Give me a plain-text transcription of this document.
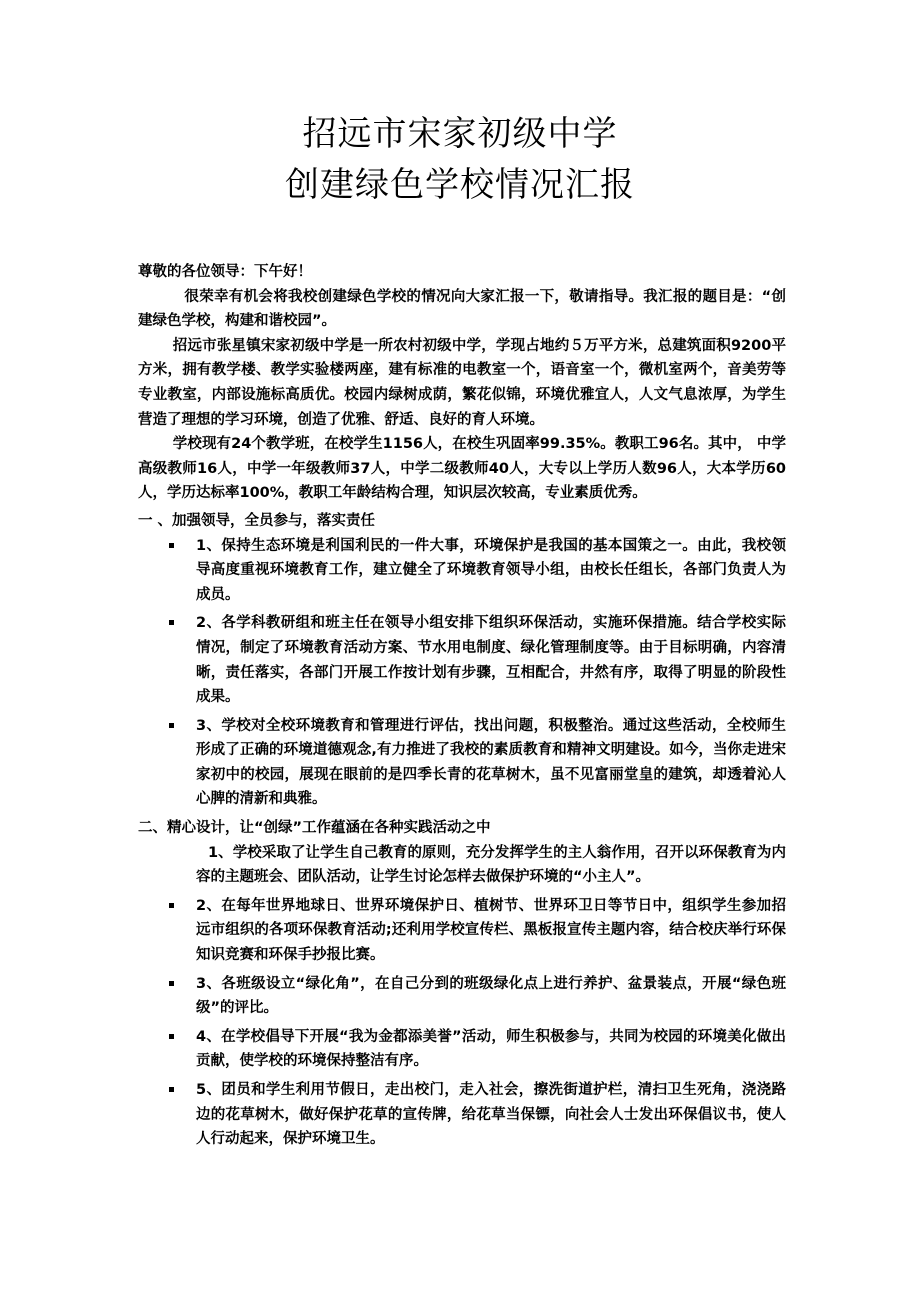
招远市宋家初级中学
创建绿色学校情况汇报

尊敬的各位领导：下午好！

很荣幸有机会将我校创建绿色学校的情况向大家汇报一下，敬请指导。我汇报的题目是：“创建绿色学校，构建和谐校园”。

招远市张星镇宋家初级中学是一所农村初级中学，学现占地约５万平方米，总建筑面积9200平方米，拥有教学楼、教学实验楼两座，建有标准的电教室一个，语音室一个，微机室两个，音美劳等专业教室，内部设施标高质优。校园内绿树成荫，繁花似锦，环境优雅宜人，人文气息浓厚，为学生营造了理想的学习环境，创造了优雅、舒适、良好的育人环境。

学校现有24个教学班，在校学生1156人，在校生巩固率99.35%。教职工96名。其中， 中学高级教师16人，中学一年级教师37人，中学二级教师40人，大专以上学历人数96人，大本学历60人，学历达标率100%，教职工年龄结构合理，知识层次较高，专业素质优秀。

一 、加强领导，全员参与，落实责任

1、保持生态环境是利国利民的一件大事，环境保护是我国的基本国策之一。由此，我校领导高度重视环境教育工作，建立健全了环境教育领导小组，由校长任组长，各部门负责人为成员。
2、各学科教研组和班主任在领导小组安排下组织环保活动，实施环保措施。结合学校实际情况，制定了环境教育活动方案、节水用电制度、绿化管理制度等。由于目标明确，内容清晰，责任落实，各部门开展工作按计划有步骤，互相配合，井然有序，取得了明显的阶段性成果。
3、学校对全校环境教育和管理进行评估，找出问题，积极整治。通过这些活动，全校师生形成了正确的环境道德观念,有力推进了我校的素质教育和精神文明建设。如今，当你走进宋家初中的校园，展现在眼前的是四季长青的花草树木，虽不见富丽堂皇的建筑，却透着沁人心脾的清新和典雅。

二、精心设计，让“创绿”工作蕴涵在各种实践活动之中

1、学校采取了让学生自己教育的原则，充分发挥学生的主人翁作用，召开以环保教育为内容的主题班会、团队活动，让学生讨论怎样去做保护环境的“小主人”。

2、在每年世界地球日、世界环境保护日、植树节、世界环卫日等节日中，组织学生参加招远市组织的各项环保教育活动;还利用学校宣传栏、黑板报宣传主题内容，结合校庆举行环保知识竞赛和环保手抄报比赛。
3、各班级设立“绿化角”，在自己分到的班级绿化点上进行养护、盆景装点，开展“绿色班级”的评比。
4、在学校倡导下开展“我为金都添美誉”活动，师生积极参与，共同为校园的环境美化做出贡献，使学校的环境保持整洁有序。
5、团员和学生利用节假日，走出校门，走入社会，擦洗街道护栏，清扫卫生死角，浇浇路边的花草树木，做好保护花草的宣传牌，给花草当保镖，向社会人士发出环保倡议书，使人人行动起来，保护环境卫生。
